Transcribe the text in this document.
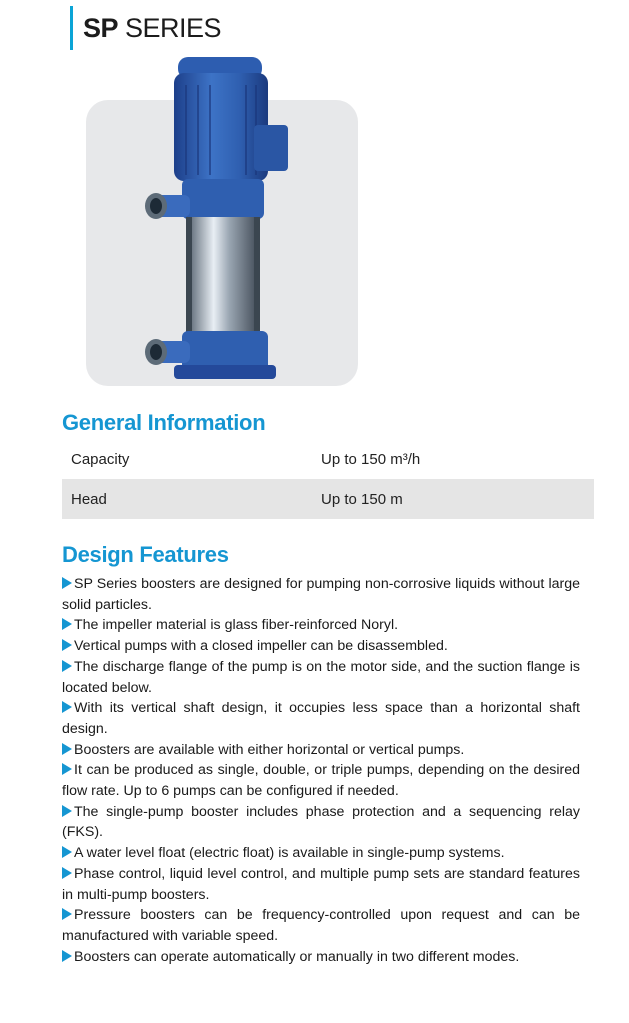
SP SERIES
General Information
Capacity	Up to 150 m³/h
Head	Up to 150 m
Design Features
SP Series boosters are designed for pumping non-corrosive liquids without large solid particles.
The impeller material is glass fiber-reinforced Noryl.
Vertical pumps with a closed impeller can be disassembled.
The discharge flange of the pump is on the motor side, and the suction flange is located below.
With its vertical shaft design, it occupies less space than a horizontal shaft design.
Boosters are available with either horizontal or vertical pumps.
It can be produced as single, double, or triple pumps, depending on the desired flow rate. Up to 6 pumps can be configured if needed.
The single-pump booster includes phase protection and a sequencing relay (FKS).
A water level float (electric float) is available in single-pump systems.
Phase control, liquid level control, and multiple pump sets are standard features in multi-pump boosters.
Pressure boosters can be frequency-controlled upon request and can be manufactured with variable speed.
Boosters can operate automatically or manually in two different modes.
